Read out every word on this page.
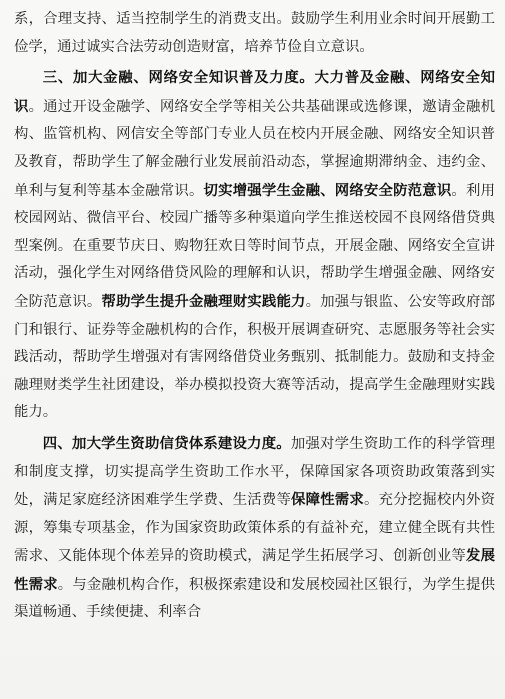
系，合理支持、适当控制学生的消费支出。鼓励学生利用业余时间开展勤工俭学，通过诚实合法劳动创造财富，培养节俭自立意识。

三、加大金融、网络安全知识普及力度。大力普及金融、网络安全知识。通过开设金融学、网络安全学等相关公共基础课或选修课，邀请金融机构、监管机构、网信安全等部门专业人员在校内开展金融、网络安全知识普及教育，帮助学生了解金融行业发展前沿动态，掌握逾期滞纳金、违约金、单利与复利等基本金融常识。切实增强学生金融、网络安全防范意识。利用校园网站、微信平台、校园广播等多种渠道向学生推送校园不良网络借贷典型案例。在重要节庆日、购物狂欢日等时间节点，开展金融、网络安全宣讲活动，强化学生对网络借贷风险的理解和认识，帮助学生增强金融、网络安全防范意识。帮助学生提升金融理财实践能力。加强与银监、公安等政府部门和银行、证券等金融机构的合作，积极开展调查研究、志愿服务等社会实践活动，帮助学生增强对有害网络借贷业务甄别、抵制能力。鼓励和支持金融理财类学生社团建设，举办模拟投资大赛等活动，提高学生金融理财实践能力。

四、加大学生资助信贷体系建设力度。加强对学生资助工作的科学管理和制度支撑，切实提高学生资助工作水平，保障国家各项资助政策落到实处，满足家庭经济困难学生学费、生活费等保障性需求。充分挖掘校内外资源，筹集专项基金，作为国家资助政策体系的有益补充，建立健全既有共性需求、又能体现个体差异的资助模式，满足学生拓展学习、创新创业等发展性需求。与金融机构合作，积极探索建设和发展校园社区银行，为学生提供渠道畅通、手续便捷、利率合
